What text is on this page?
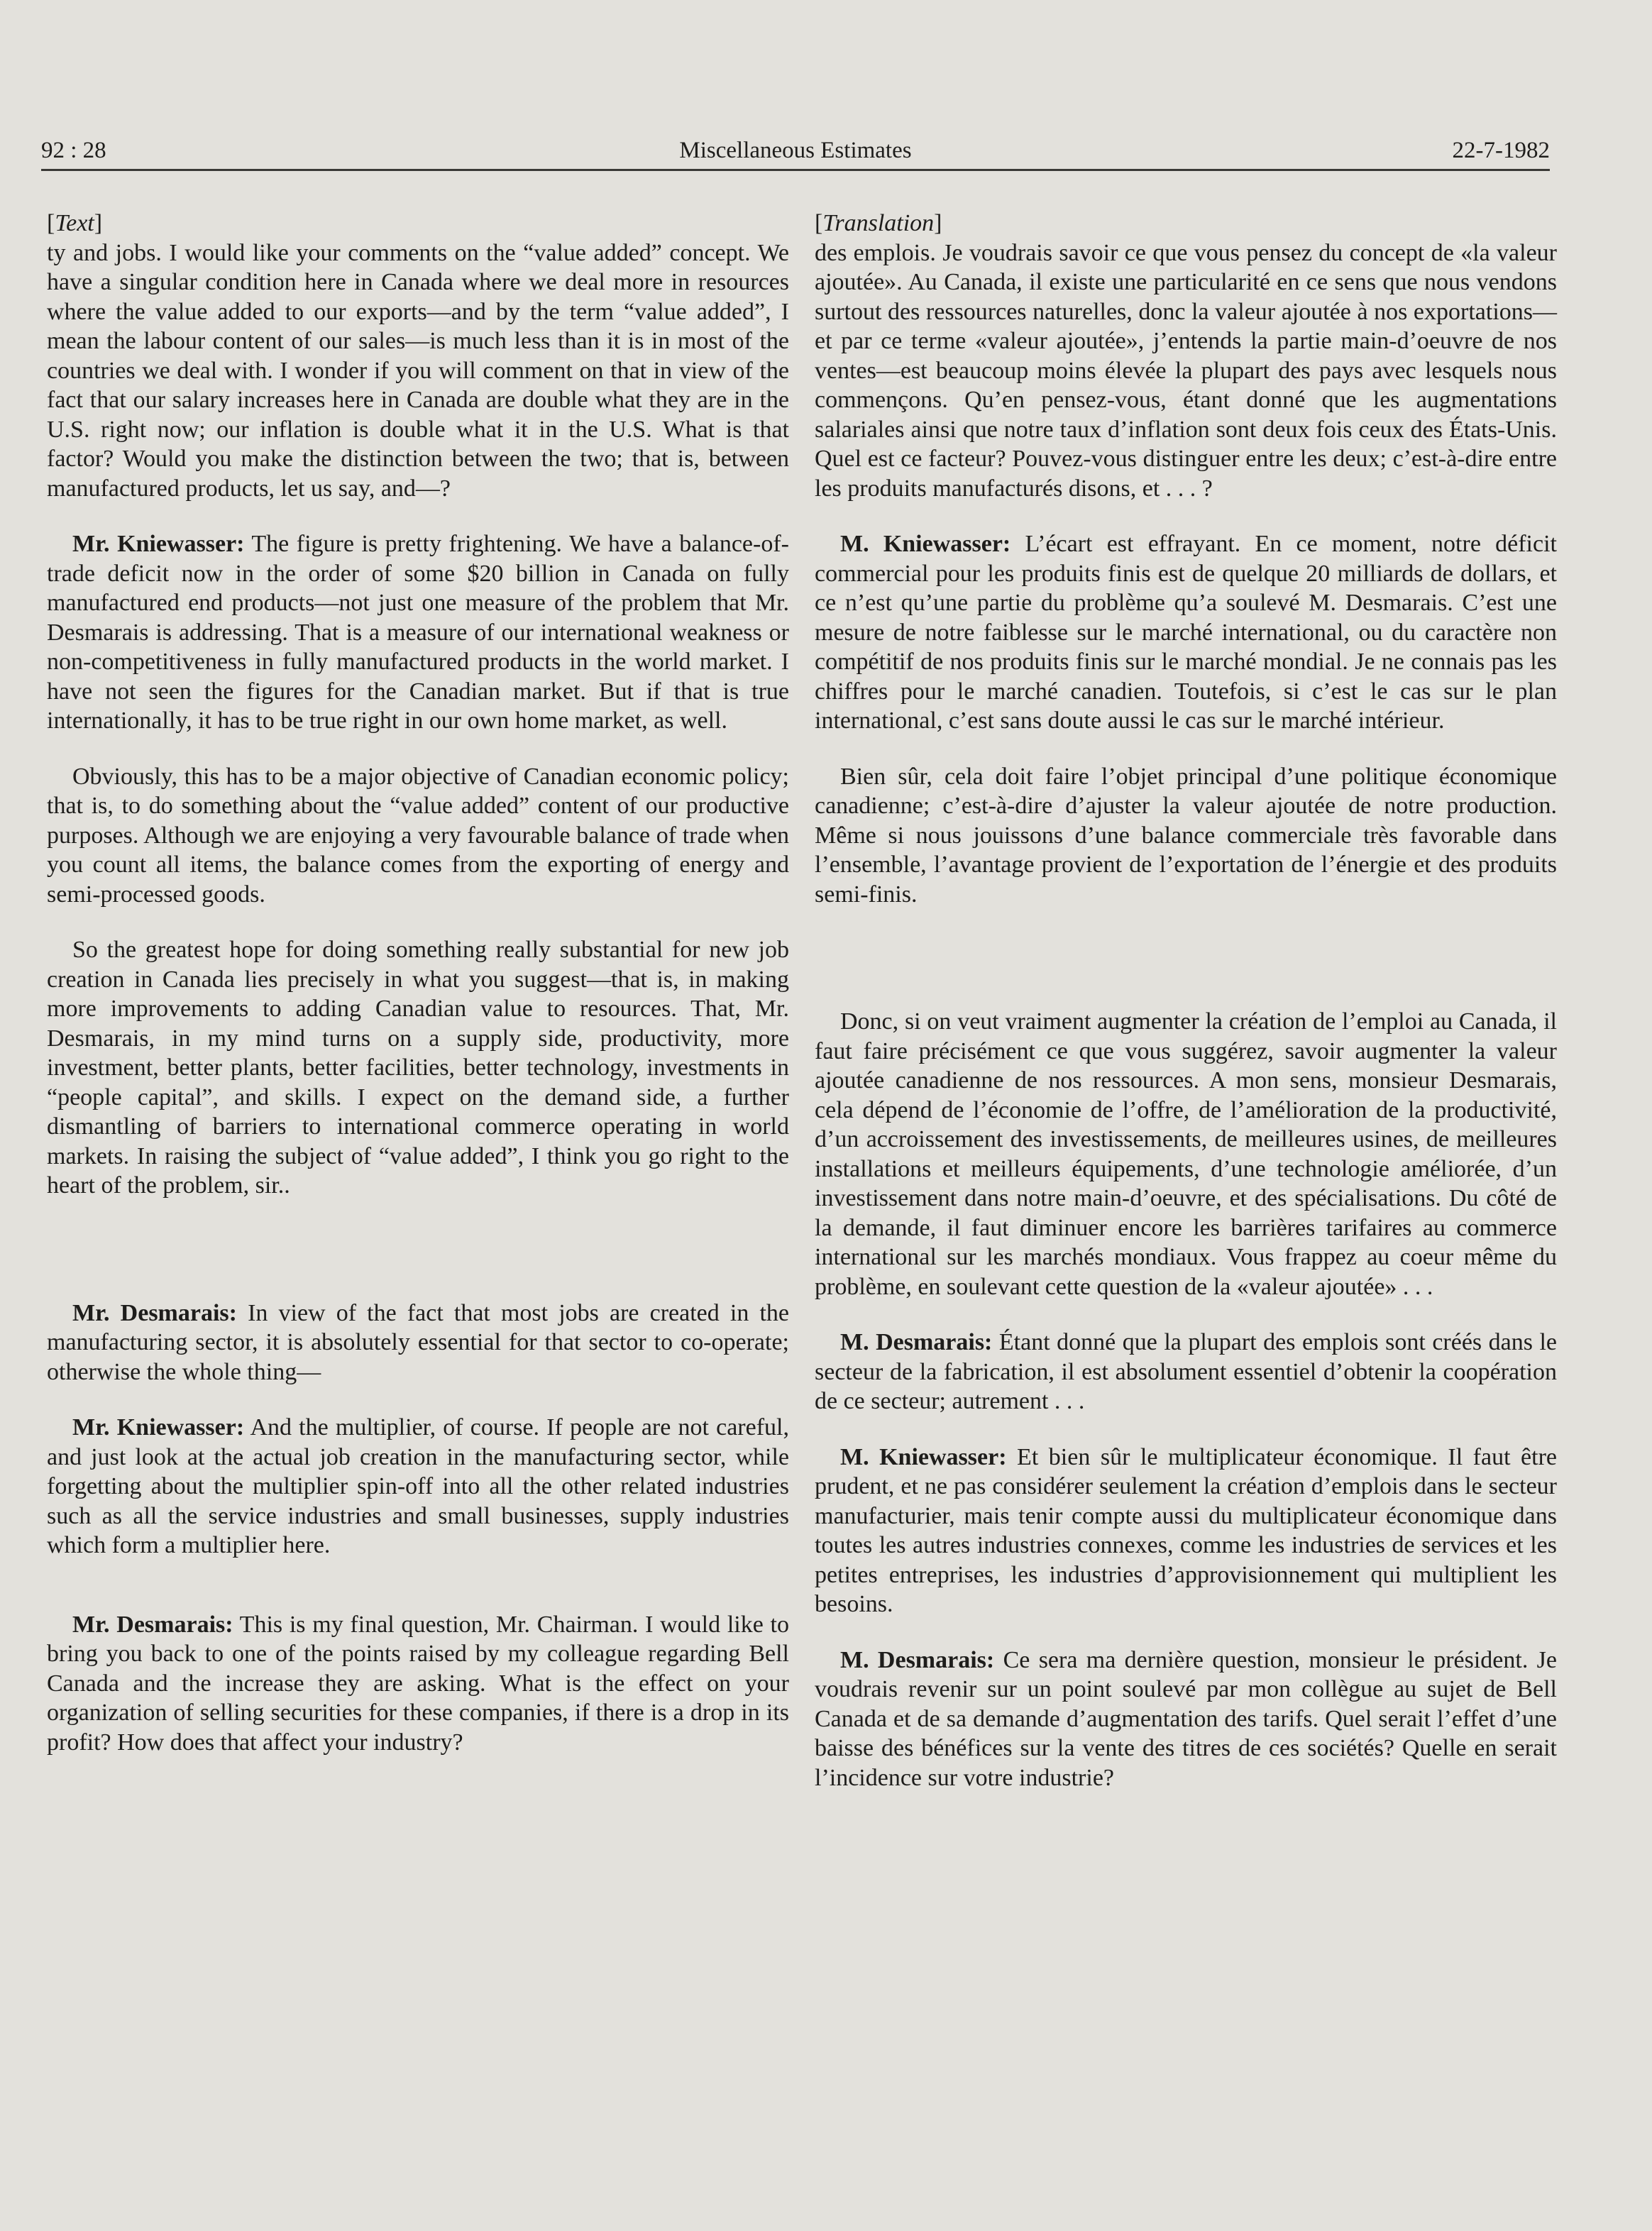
92 : 28	Miscellaneous Estimates	22-7-1982
[Text]

ty and jobs. I would like your comments on the “value added” concept. We have a singular condition here in Canada where we deal more in resources where the value added to our exports—and by the term “value added”, I mean the labour content of our sales—is much less than it is in most of the countries we deal with. I wonder if you will comment on that in view of the fact that our salary increases here in Canada are double what they are in the U.S. right now; our inflation is double what it in the U.S. What is that factor? Would you make the distinction between the two; that is, between manufactured products, let us say, and—?

Mr. Kniewasser: The figure is pretty frightening. We have a balance-of-trade deficit now in the order of some $20 billion in Canada on fully manufactured end products—not just one measure of the problem that Mr. Desmarais is addressing. That is a measure of our international weakness or non-competitiveness in fully manufactured products in the world market. I have not seen the figures for the Canadian market. But if that is true internationally, it has to be true right in our own home market, as well.

Obviously, this has to be a major objective of Canadian economic policy; that is, to do something about the “value added” content of our productive purposes. Although we are enjoying a very favourable balance of trade when you count all items, the balance comes from the exporting of energy and semi-processed goods.

So the greatest hope for doing something really substantial for new job creation in Canada lies precisely in what you suggest—that is, in making more improvements to adding Canadian value to resources. That, Mr. Desmarais, in my mind turns on a supply side, productivity, more investment, better plants, better facilities, better technology, investments in “people capital”, and skills. I expect on the demand side, a further dismantling of barriers to international commerce operating in world markets. In raising the subject of “value added”, I think you go right to the heart of the problem, sir..

Mr. Desmarais: In view of the fact that most jobs are created in the manufacturing sector, it is absolutely essential for that sector to co-operate; otherwise the whole thing—

Mr. Kniewasser: And the multiplier, of course. If people are not careful, and just look at the actual job creation in the manufacturing sector, while forgetting about the multiplier spin-off into all the other related industries such as all the service industries and small businesses, supply industries which form a multiplier here.

Mr. Desmarais: This is my final question, Mr. Chairman. I would like to bring you back to one of the points raised by my colleague regarding Bell Canada and the increase they are asking. What is the effect on your organization of selling securities for these companies, if there is a drop in its profit? How does that affect your industry?

[Translation]

des emplois. Je voudrais savoir ce que vous pensez du concept de «la valeur ajoutée». Au Canada, il existe une particularité en ce sens que nous vendons surtout des ressources naturelles, donc la valeur ajoutée à nos exportations—et par ce terme «valeur ajoutée», j’entends la partie main-d’oeuvre de nos ventes—est beaucoup moins élevée la plupart des pays avec lesquels nous commençons. Qu’en pensez-vous, étant donné que les augmentations salariales ainsi que notre taux d’inflation sont deux fois ceux des États-Unis. Quel est ce facteur? Pouvez-vous distinguer entre les deux; c’est-à-dire entre les produits manufacturés disons, et . . . ?

M. Kniewasser: L’écart est effrayant. En ce moment, notre déficit commercial pour les produits finis est de quelque 20 milliards de dollars, et ce n’est qu’une partie du problème qu’a soulevé M. Desmarais. C’est une mesure de notre faiblesse sur le marché international, ou du caractère non compétitif de nos produits finis sur le marché mondial. Je ne connais pas les chiffres pour le marché canadien. Toutefois, si c’est le cas sur le plan international, c’est sans doute aussi le cas sur le marché intérieur.

Bien sûr, cela doit faire l’objet principal d’une politique économique canadienne; c’est-à-dire d’ajuster la valeur ajoutée de notre production. Même si nous jouissons d’une balance commerciale très favorable dans l’ensemble, l’avantage provient de l’exportation de l’énergie et des produits semi-finis.

Donc, si on veut vraiment augmenter la création de l’emploi au Canada, il faut faire précisément ce que vous suggérez, savoir augmenter la valeur ajoutée canadienne de nos ressources. A mon sens, monsieur Desmarais, cela dépend de l’économie de l’offre, de l’amélioration de la productivité, d’un accroissement des investissements, de meilleures usines, de meilleures installations et meilleurs équipements, d’une technologie améliorée, d’un investissement dans notre main-d’oeuvre, et des spécialisations. Du côté de la demande, il faut diminuer encore les barrières tarifaires au commerce international sur les marchés mondiaux. Vous frappez au coeur même du problème, en soulevant cette question de la «valeur ajoutée» . . .

M. Desmarais: Étant donné que la plupart des emplois sont créés dans le secteur de la fabrication, il est absolument essentiel d’obtenir la coopération de ce secteur; autrement . . .

M. Kniewasser: Et bien sûr le multiplicateur économique. Il faut être prudent, et ne pas considérer seulement la création d’emplois dans le secteur manufacturier, mais tenir compte aussi du multiplicateur économique dans toutes les autres industries connexes, comme les industries de services et les petites entreprises, les industries d’approvisionnement qui multiplient les besoins.

M. Desmarais: Ce sera ma dernière question, monsieur le président. Je voudrais revenir sur un point soulevé par mon collègue au sujet de Bell Canada et de sa demande d’augmentation des tarifs. Quel serait l’effet d’une baisse des bénéfices sur la vente des titres de ces sociétés? Quelle en serait l’incidence sur votre industrie?
